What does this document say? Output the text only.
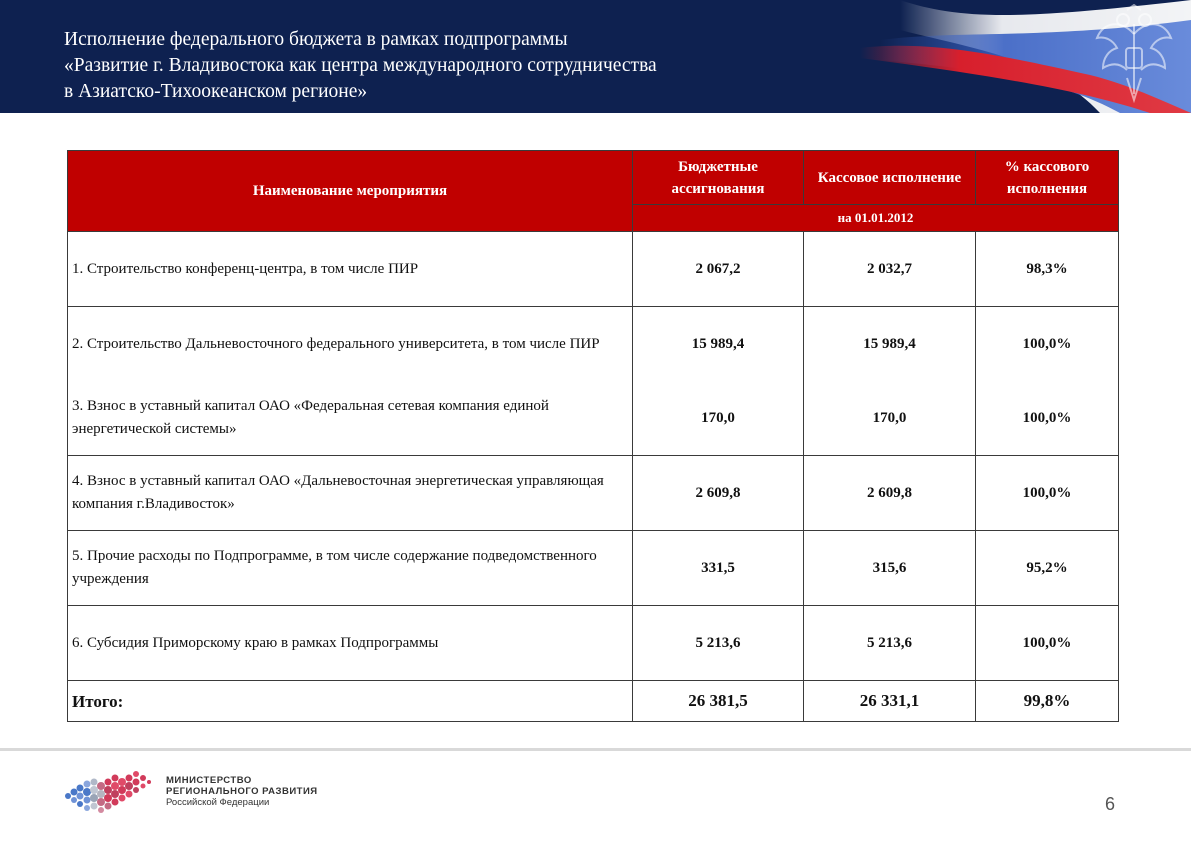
Исполнение федерального бюджета в рамках подпрограммы
«Развитие г. Владивостока как центра международного сотрудничества
в Азиатско-Тихоокеанском регионе»
Наименование мероприятия	Бюджетные ассигнования	Кассовое исполнение	% кассового исполнения
	на 01.01.2012		
1. Строительство конференц-центра, в том числе ПИР	2 067,2	2 032,7	98,3%
2. Строительство Дальневосточного федерального университета, в том числе ПИР	15 989,4	15 989,4	100,0%
3. Взнос в уставный капитал ОАО «Федеральная сетевая компания единой энергетической системы»	170,0	170,0	100,0%
4. Взнос в уставный капитал ОАО «Дальневосточная энергетическая управляющая компания г.Владивосток»	2 609,8	2 609,8	100,0%
5. Прочие расходы по Подпрограмме, в том числе содержание подведомственного учреждения	331,5	315,6	95,2%
6. Субсидия Приморскому краю в рамках Подпрограммы	5 213,6	5 213,6	100,0%
Итого:	26 381,5	26 331,1	99,8%
МИНИСТЕРСТВО
РЕГИОНАЛЬНОГО РАЗВИТИЯ
Российской Федерации	6
